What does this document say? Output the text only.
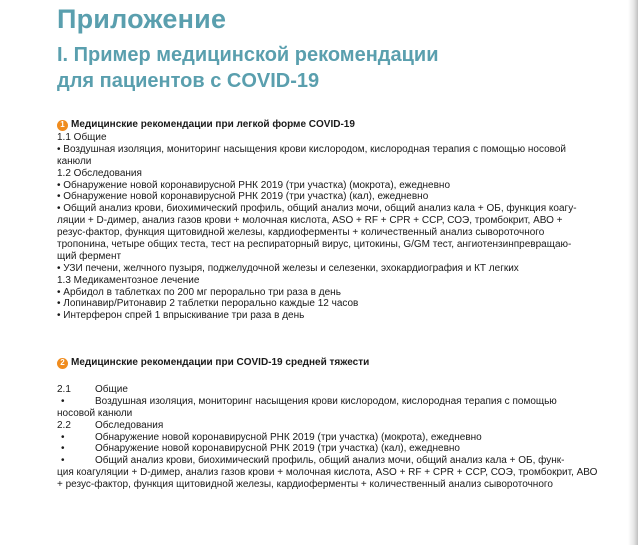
Приложение
I. Пример медицинской рекомендации
для пациентов с COVID-19
1 Медицинские рекомендации при легкой форме COVID-19
1.1 Общие
• Воздушная изоляция, мониторинг насыщения крови кислородом, кислородная терапия с помощью носовой
канюли
1.2 Обследования
• Обнаружение новой коронавирусной РНК 2019 (три участка) (мокрота), ежедневно
• Обнаружение новой коронавирусной РНК 2019 (три участка) (кал), ежедневно
• Общий анализ крови, биохимический профиль, общий анализ мочи, общий анализ кала + ОБ, функция коагу-
ляции + D-димер, анализ газов крови + молочная кислота, ASO + RF + CPR + CCP, СОЭ, тромбокрит, АВО +
резус-фактор, функция щитовидной железы, кардиоферменты + количественный анализ сывороточного
тропонина, четыре общих теста, тест на респираторный вирус, цитокины, G/GM тест, ангиотензинпревращаю-
щий фермент
• УЗИ печени, желчного пузыря, поджелудочной железы и селезенки, эхокардиография и КТ легких
1.3 Медикаментозное лечение
• Арбидол в таблетках по 200 мг перорально три раза в день
• Лопинавир/Ритонавир 2 таблетки перорально каждые 12 часов
• Интерферон спрей 1 впрыскивание три раза в день
2 Медицинские рекомендации при COVID-19 средней тяжести
2.1	Общие
•	Воздушная изоляция, мониторинг насыщения крови кислородом, кислородная терапия с помощью
носовой канюли
2.2	Обследования
•	Обнаружение новой коронавирусной РНК 2019 (три участка) (мокрота), ежедневно
•	Обнаружение новой коронавирусной РНК 2019 (три участка) (кал), ежедневно
•	Общий анализ крови, биохимический профиль, общий анализ мочи, общий анализ кала + ОБ, функ-
ция коагуляции + D-димер, анализ газов крови + молочная кислота, ASO + RF + CPR + CCP, СОЭ, тромбокрит, АВО
+ резус-фактор, функция щитовидной железы, кардиоферменты + количественный анализ сывороточного
